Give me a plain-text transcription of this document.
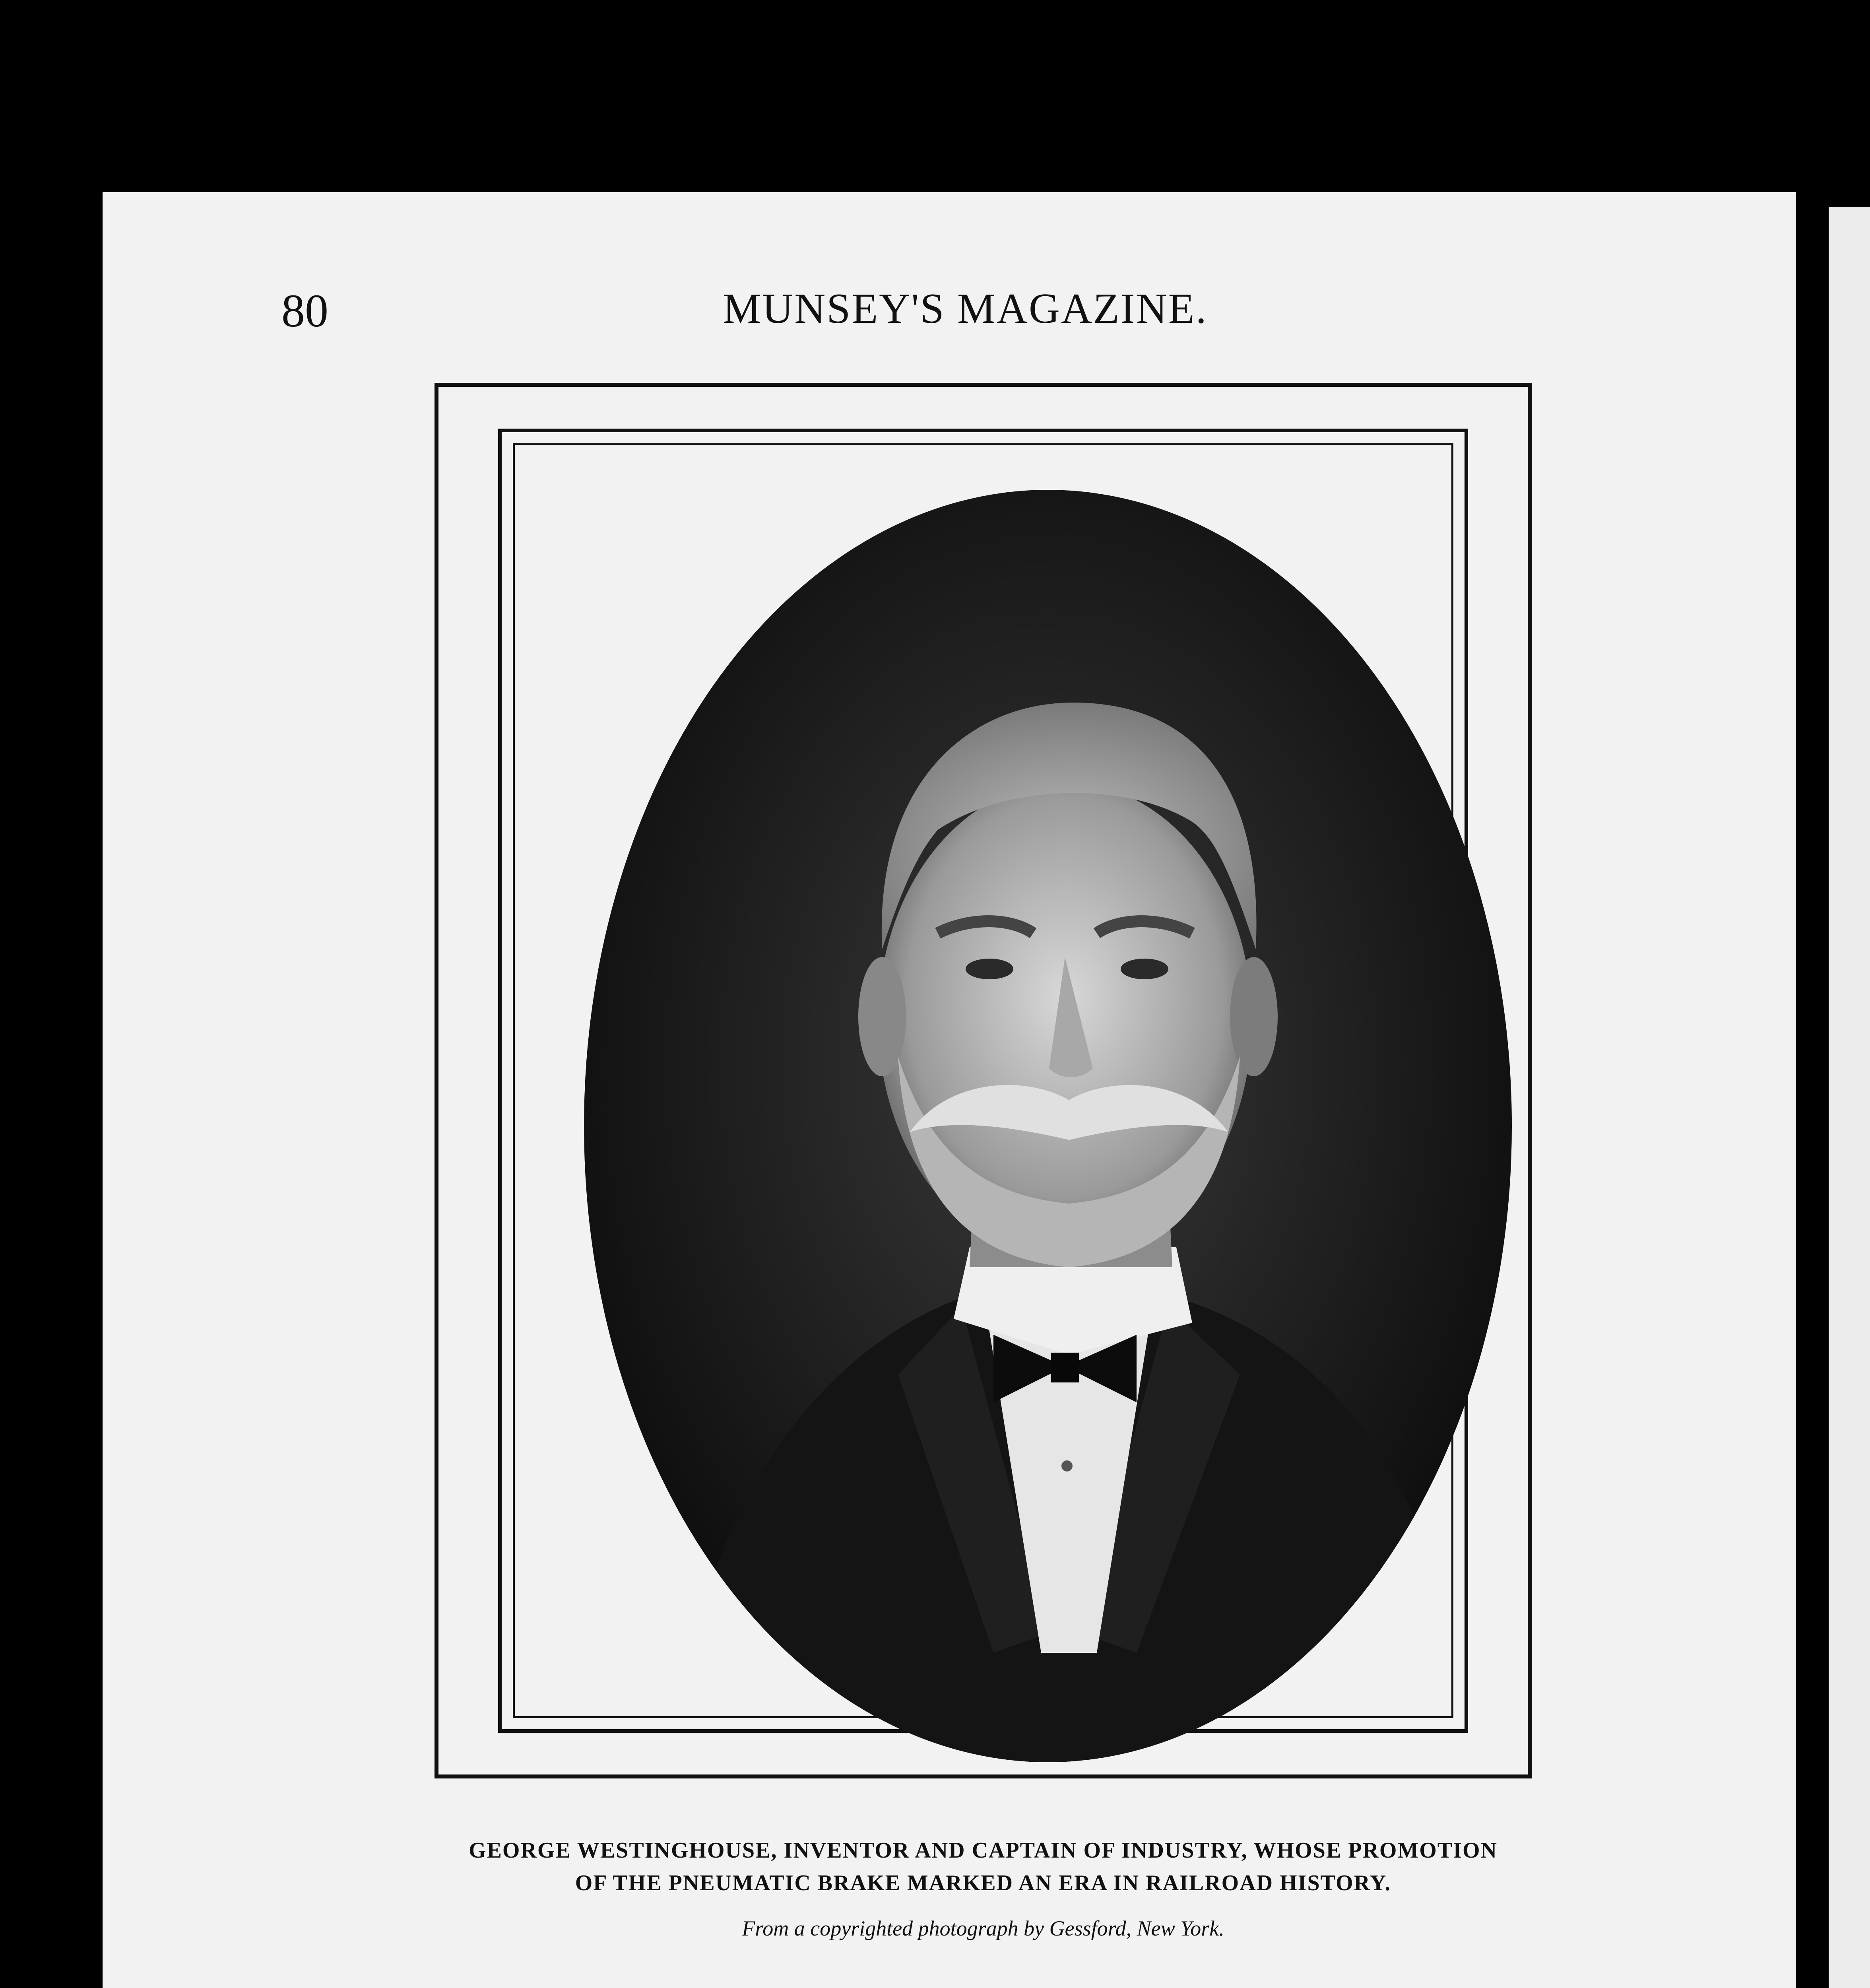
80	MUNSEY'S MAGAZINE.
GEORGE WESTINGHOUSE, INVENTOR AND CAPTAIN OF INDUSTRY, WHOSE PROMOTION
OF THE PNEUMATIC BRAKE MARKED AN ERA IN RAILROAD HISTORY.
From a copyrighted photograph by Gessford, New York.
